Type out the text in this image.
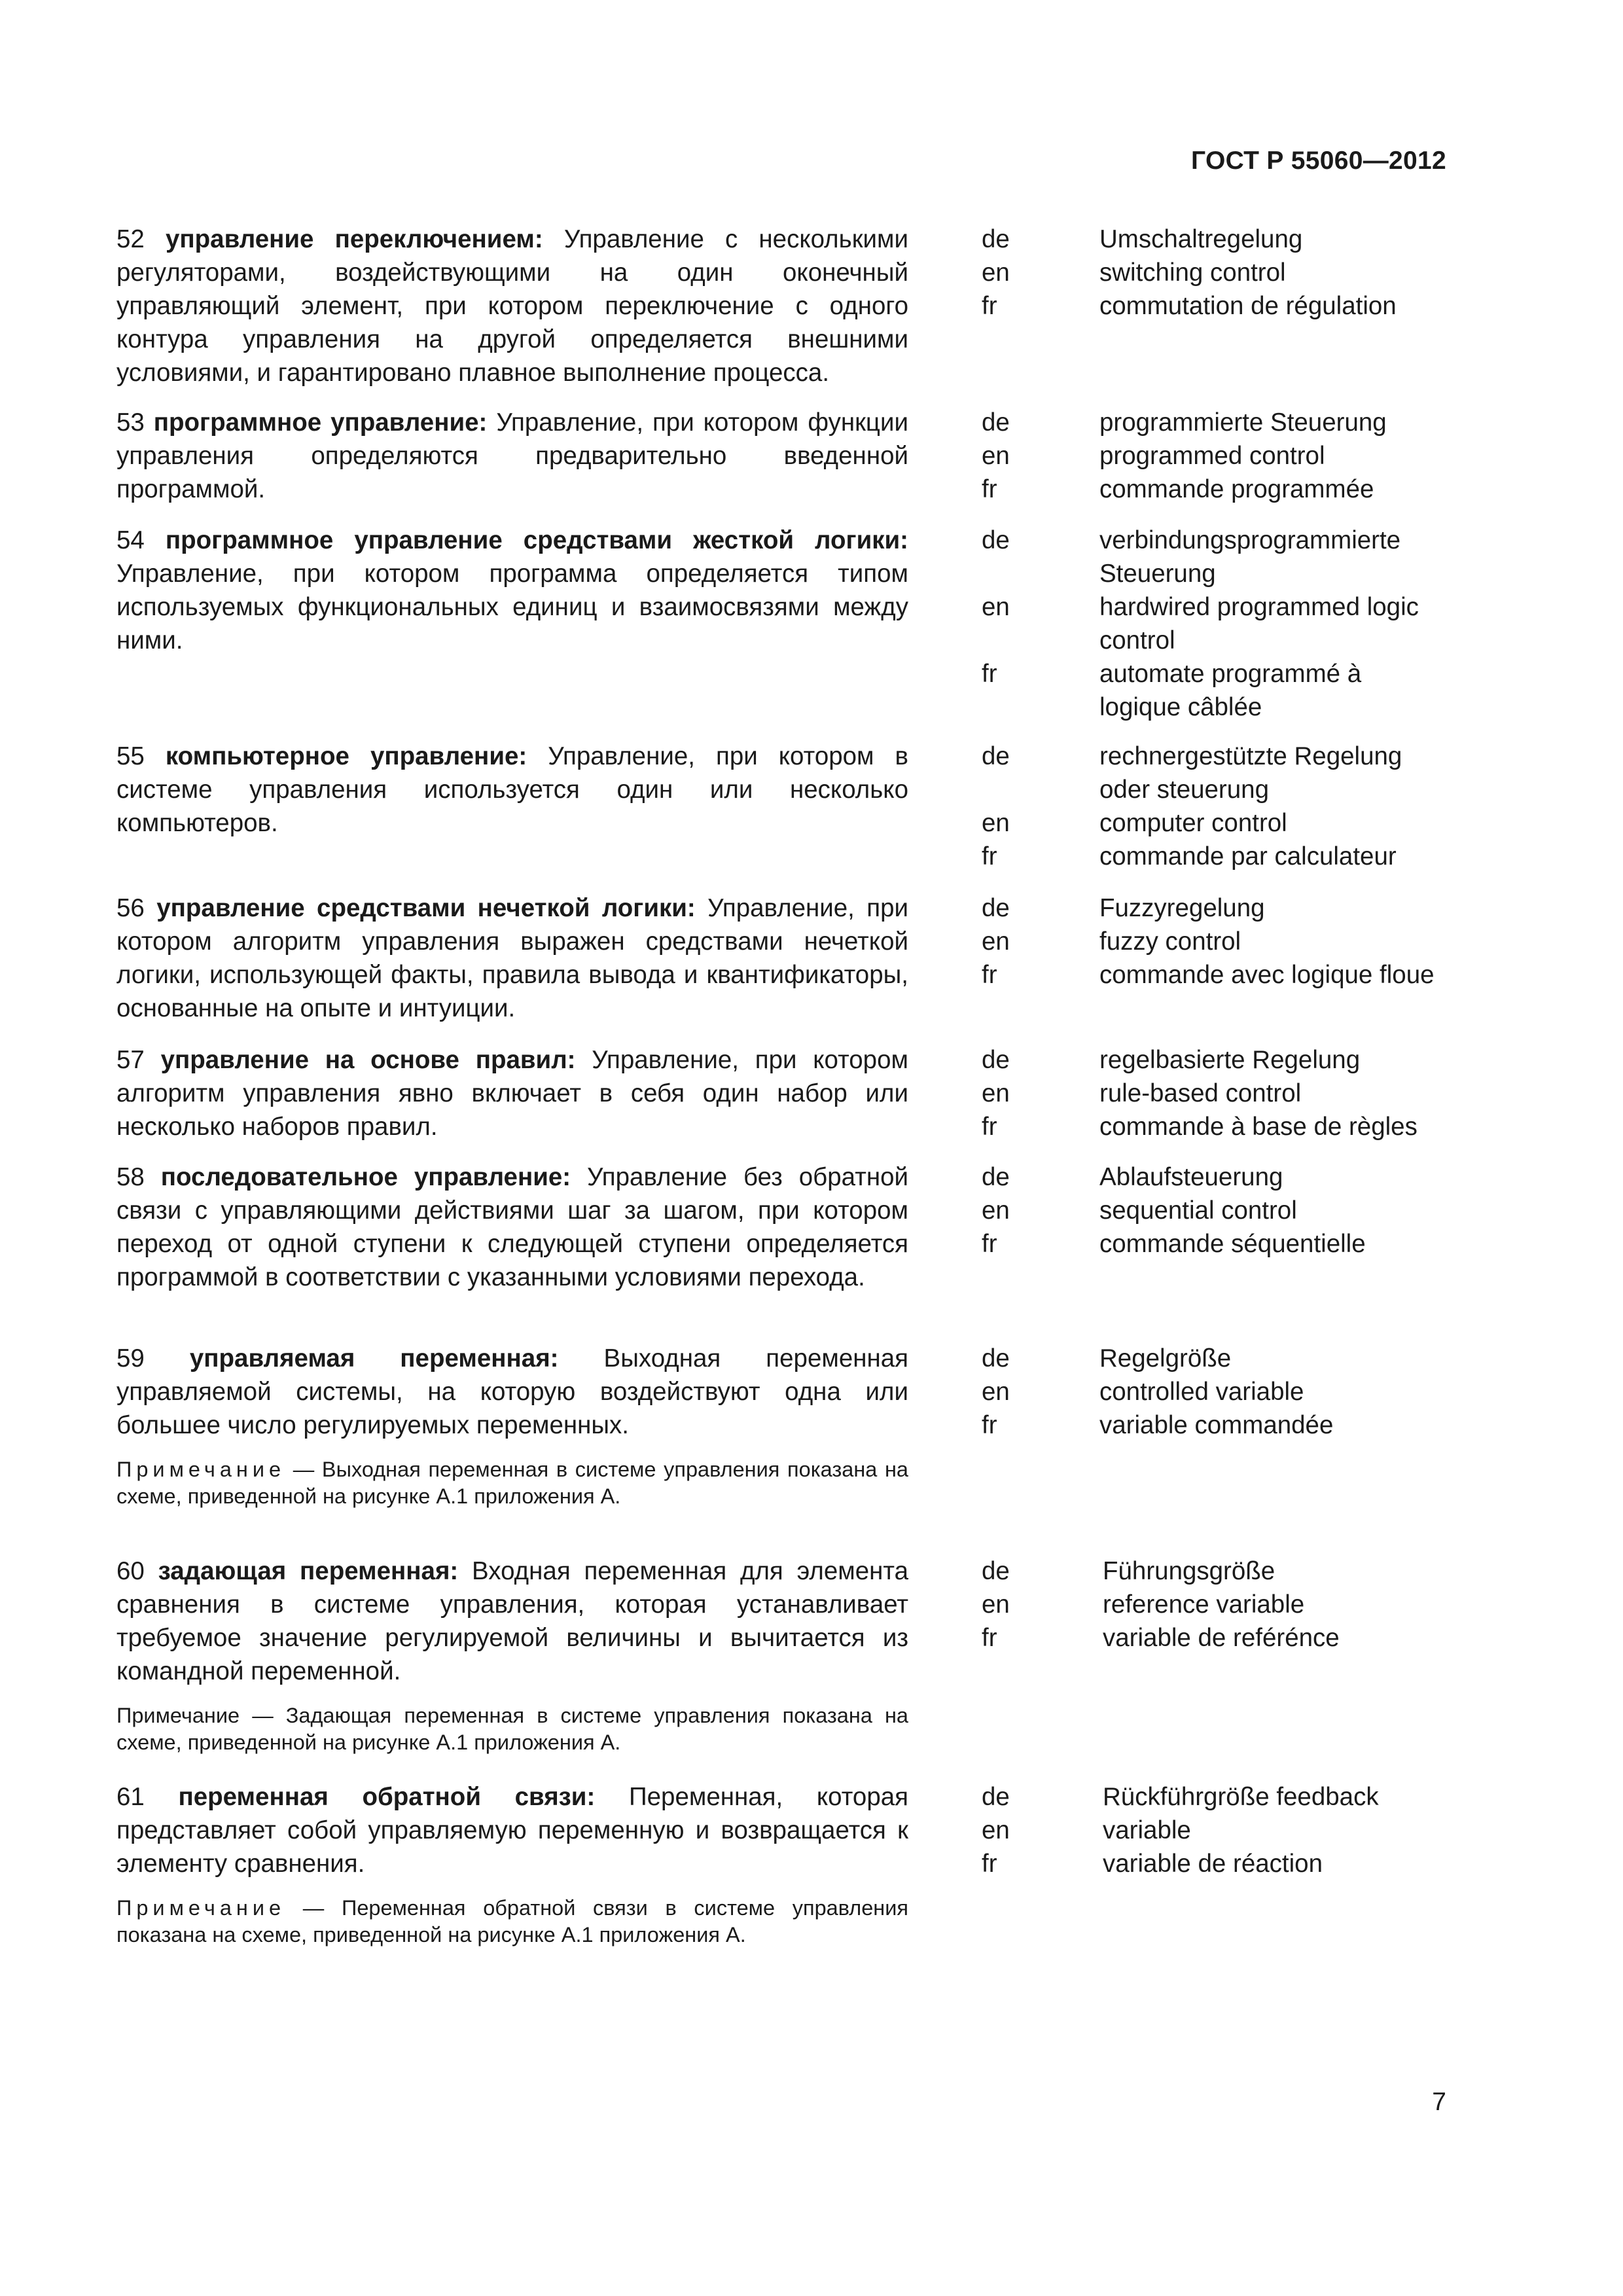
ГОСТ Р 55060—2012
52 управление переключением: Управление с несколькими регуляторами, воздействующими на один оконечный управляющий элемент, при котором переключение с одного контура управления на другой определяется внешними условиями, и гарантировано плавное выполнение процесса.
de	Umschaltregelung
en	switching control
fr	commutation de régulation
53 программное управление: Управление, при котором функции управления определяются предварительно введенной программой.
de	programmierte Steuerung
en	programmed control
fr	commande programmée
54 программное управление средствами жесткой логики: Управление, при котором программа определяется типом используемых функциональных единиц и взаимосвязями между ними.
de	verbindungsprogrammierte Steuerung
en	hardwired programmed logic control
fr	automate programmé à logique câblée
55 компьютерное управление: Управление, при котором в системе управления используется один или несколько компьютеров.
de	rechnergestützte Regelung oder steuerung
en	computer control
fr	commande par calculateur
56 управление средствами нечеткой логики: Управление, при котором алгоритм управления выражен средствами нечеткой логики, использующей факты, правила вывода и квантификаторы, основанные на опыте и интуиции.
de	Fuzzyregelung
en	fuzzy control
fr	commande avec logique floue
57 управление на основе правил: Управление, при котором алгоритм управления явно включает в себя один набор или несколько наборов правил.
de	regelbasierte Regelung
en	rule-based control
fr	commande à base de règles
58 последовательное управление: Управление без обратной связи с управляющими действиями шаг за шагом, при котором переход от одной ступени к следующей ступени определяется программой в соответствии с указанными условиями перехода.
de	Ablaufsteuerung
en	sequential control
fr	commande séquentielle
59 управляемая переменная: Выходная переменная управляемой системы, на которую воздействуют одна или большее число регулируемых переменных.
Примечание — Выходная переменная в системе управления показана на схеме, приведенной на рисунке А.1 приложения А.
de	Regelgröße
en	controlled variable
fr	variable commandée
60 задающая переменная: Входная переменная для элемента сравнения в системе управления, которая устанавливает требуемое значение регулируемой величины и вычитается из командной переменной.
Примечание — Задающая переменная в системе управления показана на схеме, приведенной на рисунке А.1 приложения А.
de	Führungsgröße
en	reference variable
fr	variable de reférénce
61 переменная обратной связи: Переменная, которая представляет собой управляемую переменную и возвращается к элементу сравнения.
Примечание — Переменная обратной связи в системе управления показана на схеме, приведенной на рисунке А.1 приложения А.
de	Rückführgröße feedback
en	variable
fr	variable de réaction
7
